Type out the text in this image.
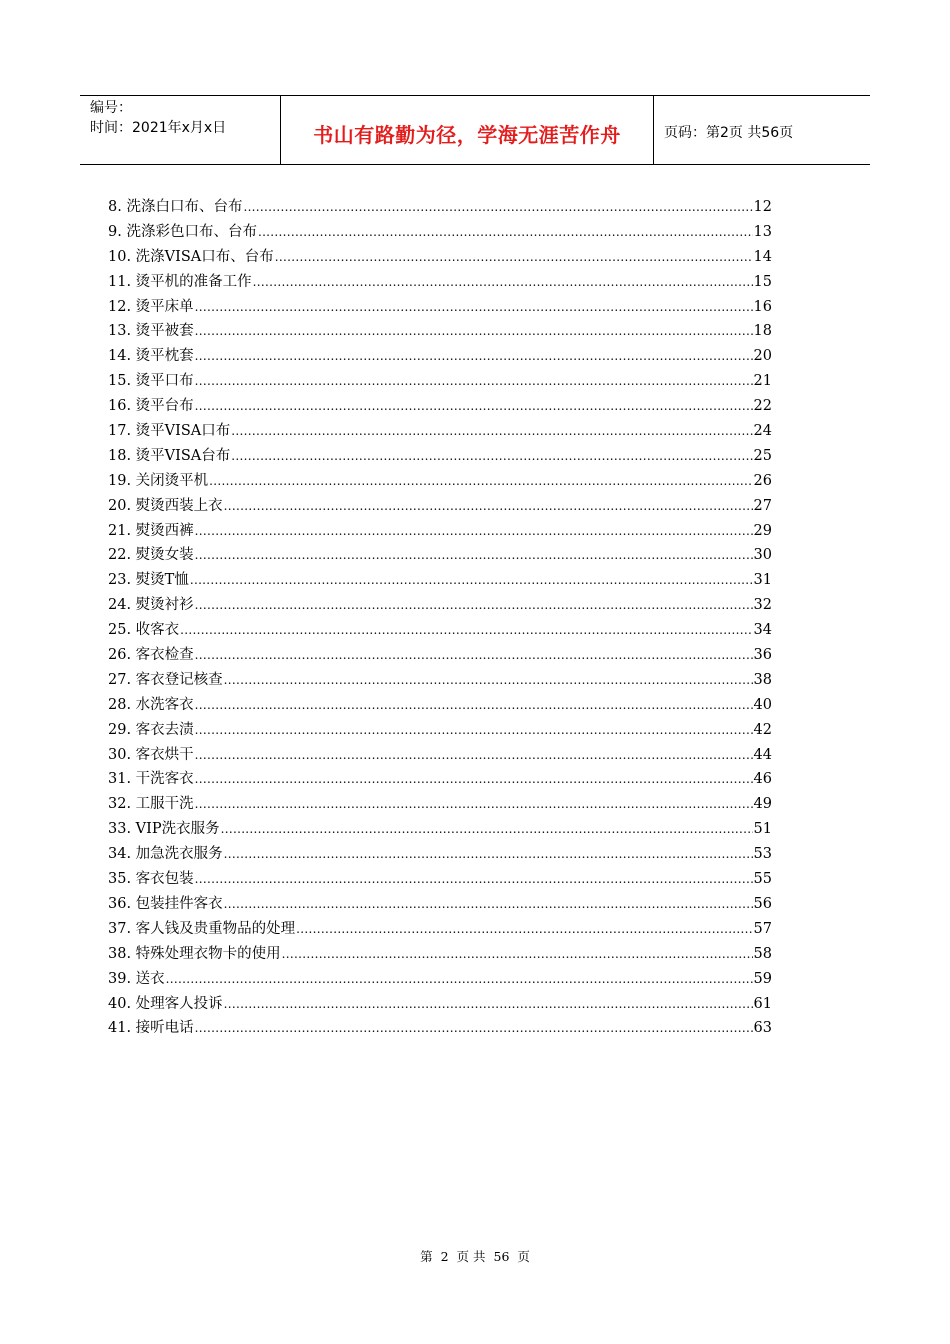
编号：
时间：2021年x月x日	书山有路勤为径，学海无涯苦作舟	页码：第2页 共56页
8. 洗涤白口布、台布 .....	12
9. 洗涤彩色口布、台布 .....	13
10. 洗涤VISA口布、台布 .....	14
11. 烫平机的准备工作 .....	15
12. 烫平床单 .....	16
13. 烫平被套 .....	18
14. 烫平枕套 .....	20
15. 烫平口布 .....	21
16. 烫平台布 .....	22
17. 烫平VISA口布 .....	24
18. 烫平VISA台布 .....	25
19. 关闭烫平机 .....	26
20. 熨烫西装上衣 .....	27
21. 熨烫西裤 .....	29
22. 熨烫女装 .....	30
23. 熨烫T恤 .....	31
24. 熨烫衬衫 .....	32
25. 收客衣 .....	34
26. 客衣检查 .....	36
27. 客衣登记核查 .....	38
28. 水洗客衣 .....	40
29. 客衣去渍 .....	42
30. 客衣烘干 .....	44
31. 干洗客衣 .....	46
32. 工服干洗 .....	49
33. VIP洗衣服务 .....	51
34. 加急洗衣服务 .....	53
35. 客衣包装 .....	55
36. 包装挂件客衣 .....	56
37. 客人钱及贵重物品的处理 .....	57
38. 特殊处理衣物卡的使用 .....	58
39. 送衣 .....	59
40. 处理客人投诉 .....	61
41. 接听电话 .....	63
第 2 页 共 56 页
